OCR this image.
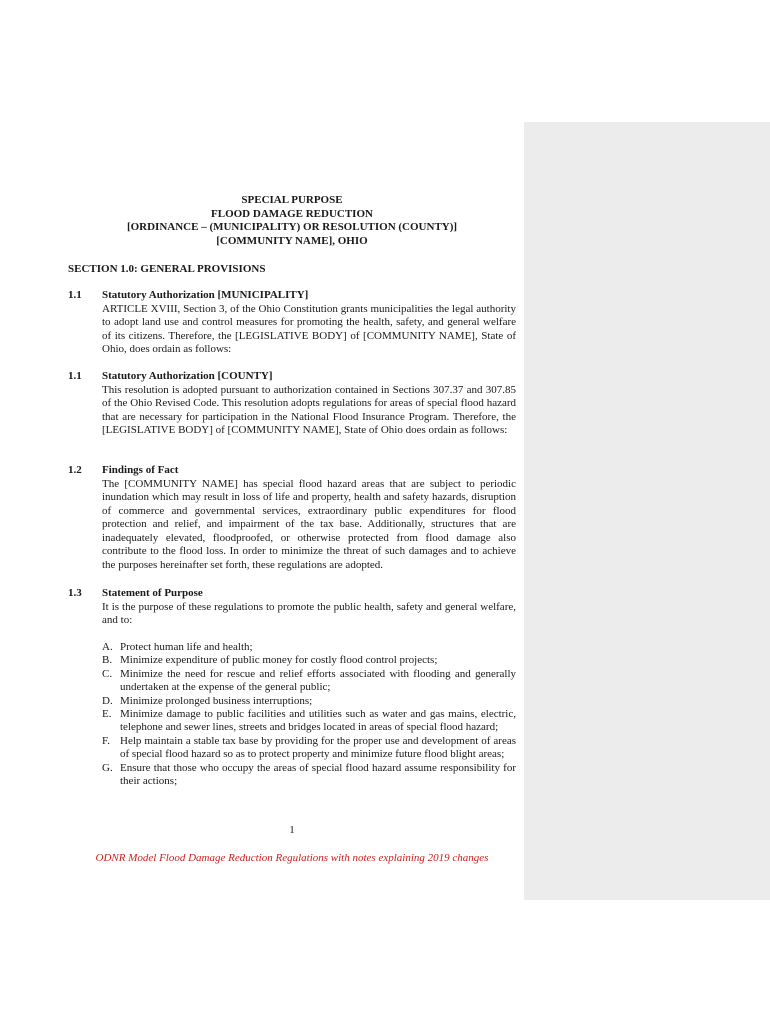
SPECIAL PURPOSE
FLOOD DAMAGE REDUCTION
[ORDINANCE – (MUNICIPALITY) OR RESOLUTION (COUNTY)]
[COMMUNITY NAME], OHIO
SECTION 1.0: GENERAL PROVISIONS
1.1 Statutory Authorization [MUNICIPALITY]
ARTICLE XVIII, Section 3, of the Ohio Constitution grants municipalities the legal authority to adopt land use and control measures for promoting the health, safety, and general welfare of its citizens. Therefore, the [LEGISLATIVE BODY] of [COMMUNITY NAME], State of Ohio, does ordain as follows:
1.1 Statutory Authorization [COUNTY]
This resolution is adopted pursuant to authorization contained in Sections 307.37 and 307.85 of the Ohio Revised Code. This resolution adopts regulations for areas of special flood hazard that are necessary for participation in the National Flood Insurance Program. Therefore, the [LEGISLATIVE BODY] of [COMMUNITY NAME], State of Ohio does ordain as follows:
1.2 Findings of Fact
The [COMMUNITY NAME] has special flood hazard areas that are subject to periodic inundation which may result in loss of life and property, health and safety hazards, disruption of commerce and governmental services, extraordinary public expenditures for flood protection and relief, and impairment of the tax base. Additionally, structures that are inadequately elevated, floodproofed, or otherwise protected from flood damage also contribute to the flood loss. In order to minimize the threat of such damages and to achieve the purposes hereinafter set forth, these regulations are adopted.
1.3 Statement of Purpose
It is the purpose of these regulations to promote the public health, safety and general welfare, and to:
A. Protect human life and health;
B. Minimize expenditure of public money for costly flood control projects;
C. Minimize the need for rescue and relief efforts associated with flooding and generally undertaken at the expense of the general public;
D. Minimize prolonged business interruptions;
E. Minimize damage to public facilities and utilities such as water and gas mains, electric, telephone and sewer lines, streets and bridges located in areas of special flood hazard;
F. Help maintain a stable tax base by providing for the proper use and development of areas of special flood hazard so as to protect property and minimize future flood blight areas;
G. Ensure that those who occupy the areas of special flood hazard assume responsibility for their actions;
1
ODNR Model Flood Damage Reduction Regulations with notes explaining 2019 changes
